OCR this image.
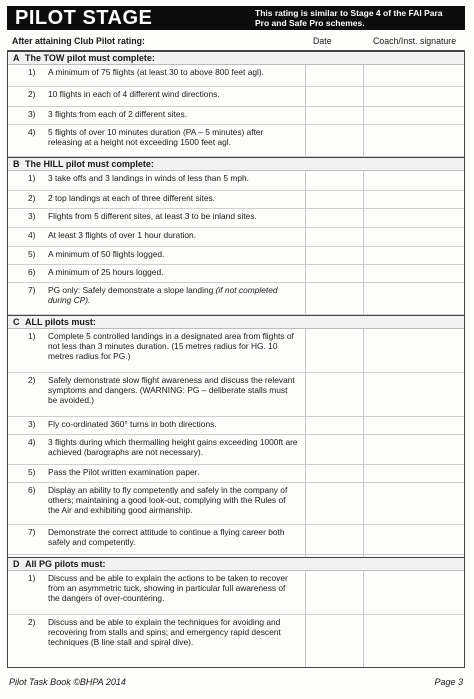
PILOT STAGE	This rating is similar to Stage 4 of the FAI Para Pro and Safe Pro schemes.
After attaining Club Pilot rating:	Date	Coach/Inst. signature
A The TOW pilot must complete:
1) A minimum of 75 flights (at least 30 to above 800 feet agl).
2) 10 flights in each of 4 different wind directions.
3) 3 flights from each of 2 different sites.
4) 5 flights of over 10 minutes duration (PA – 5 minutes) after releasing at a height not exceeding 1500 feet agl.
B The HILL pilot must complete:
1) 3 take offs and 3 landings in winds of less than 5 mph.
2) 2 top landings at each of three different sites.
3) Flights from 5 different sites, at least 3 to be inland sites.
4) At least 3 flights of over 1 hour duration.
5) A minimum of 50 flights logged.
6) A minimum of 25 hours logged.
7) PG only: Safely demonstrate a slope landing (if not completed during CP).
C ALL pilots must:
1) Complete 5 controlled landings in a designated area from flights of not less than 3 minutes duration. (15 metres radius for HG. 10 metres radius for PG.)
2) Safely demonstrate slow flight awareness and discuss the relevant symptoms and dangers. (WARNING: PG – deliberate stalls must be avoided.)
3) Fly co-ordinated 360° turns in both directions.
4) 3 flights during which thermalling height gains exceeding 1000ft are achieved (barographs are not necessary).
5) Pass the Pilot written examination paper.
6) Display an ability to fly competently and safely in the company of others; maintaining a good look-out, complying with the Rules of the Air and exhibiting good airmanship.
7) Demonstrate the correct attitude to continue a flying career both safely and competently.
D All PG pilots must:
1) Discuss and be able to explain the actions to be taken to recover from an asymmetric tuck, showing in particular full awareness of the dangers of over-countering.
2) Discuss and be able to explain the techniques for avoiding and recovering from stalls and spins; and emergency rapid descent techniques (B line stall and spiral dive).
Pilot Task Book ©BHPA 2014	Page 3
